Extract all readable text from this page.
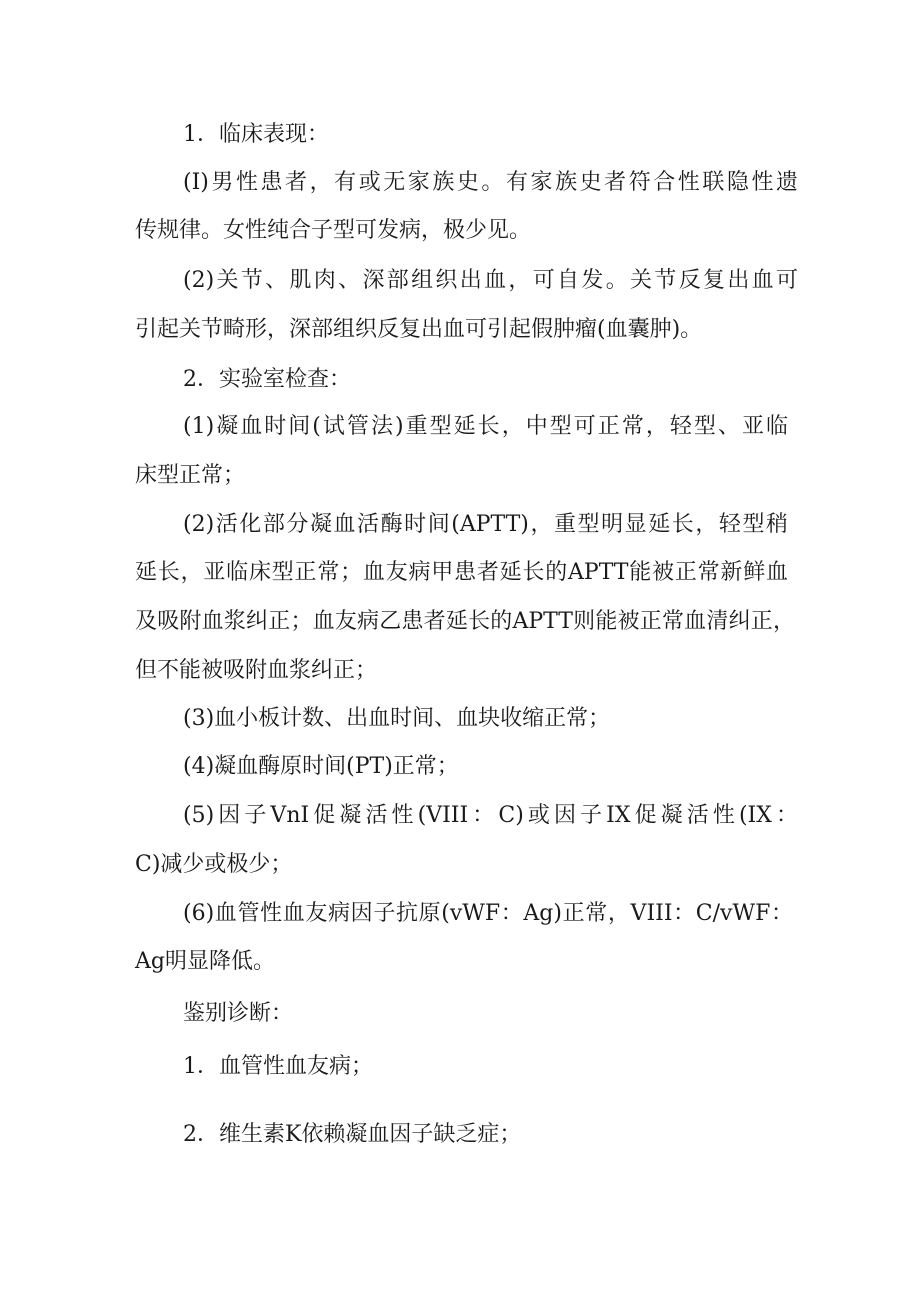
1．临床表现：
(I)男性患者，有或无家族史。有家族史者符合性联隐性遗
传规律。女性纯合子型可发病，极少见。
(2)关节、肌肉、深部组织出血，可自发。关节反复出血可
引起关节畸形，深部组织反复出血可引起假肿瘤(血囊肿)。
2．实验室检查：
(1)凝血时间(试管法)重型延长，中型可正常，轻型、亚临
床型正常；
(2)活化部分凝血活酶时间(APTT)，重型明显延长，轻型稍
延长，亚临床型正常；血友病甲患者延长的APTT能被正常新鲜血
及吸附血浆纠正；血友病乙患者延长的APTT则能被正常血清纠正，
但不能被吸附血浆纠正；
(3)血小板计数、出血时间、血块收缩正常；
(4)凝血酶原时间(PT)正常；
(5)因子VnI促凝活性(VIII：C)或因子IX促凝活性(IX：
C)减少或极少；
(6)血管性血友病因子抗原(vWF：Ag)正常，VIII：C/vWF：
Ag明显降低。
鉴别诊断：
1．血管性血友病；
2．维生素K依赖凝血因子缺乏症；
